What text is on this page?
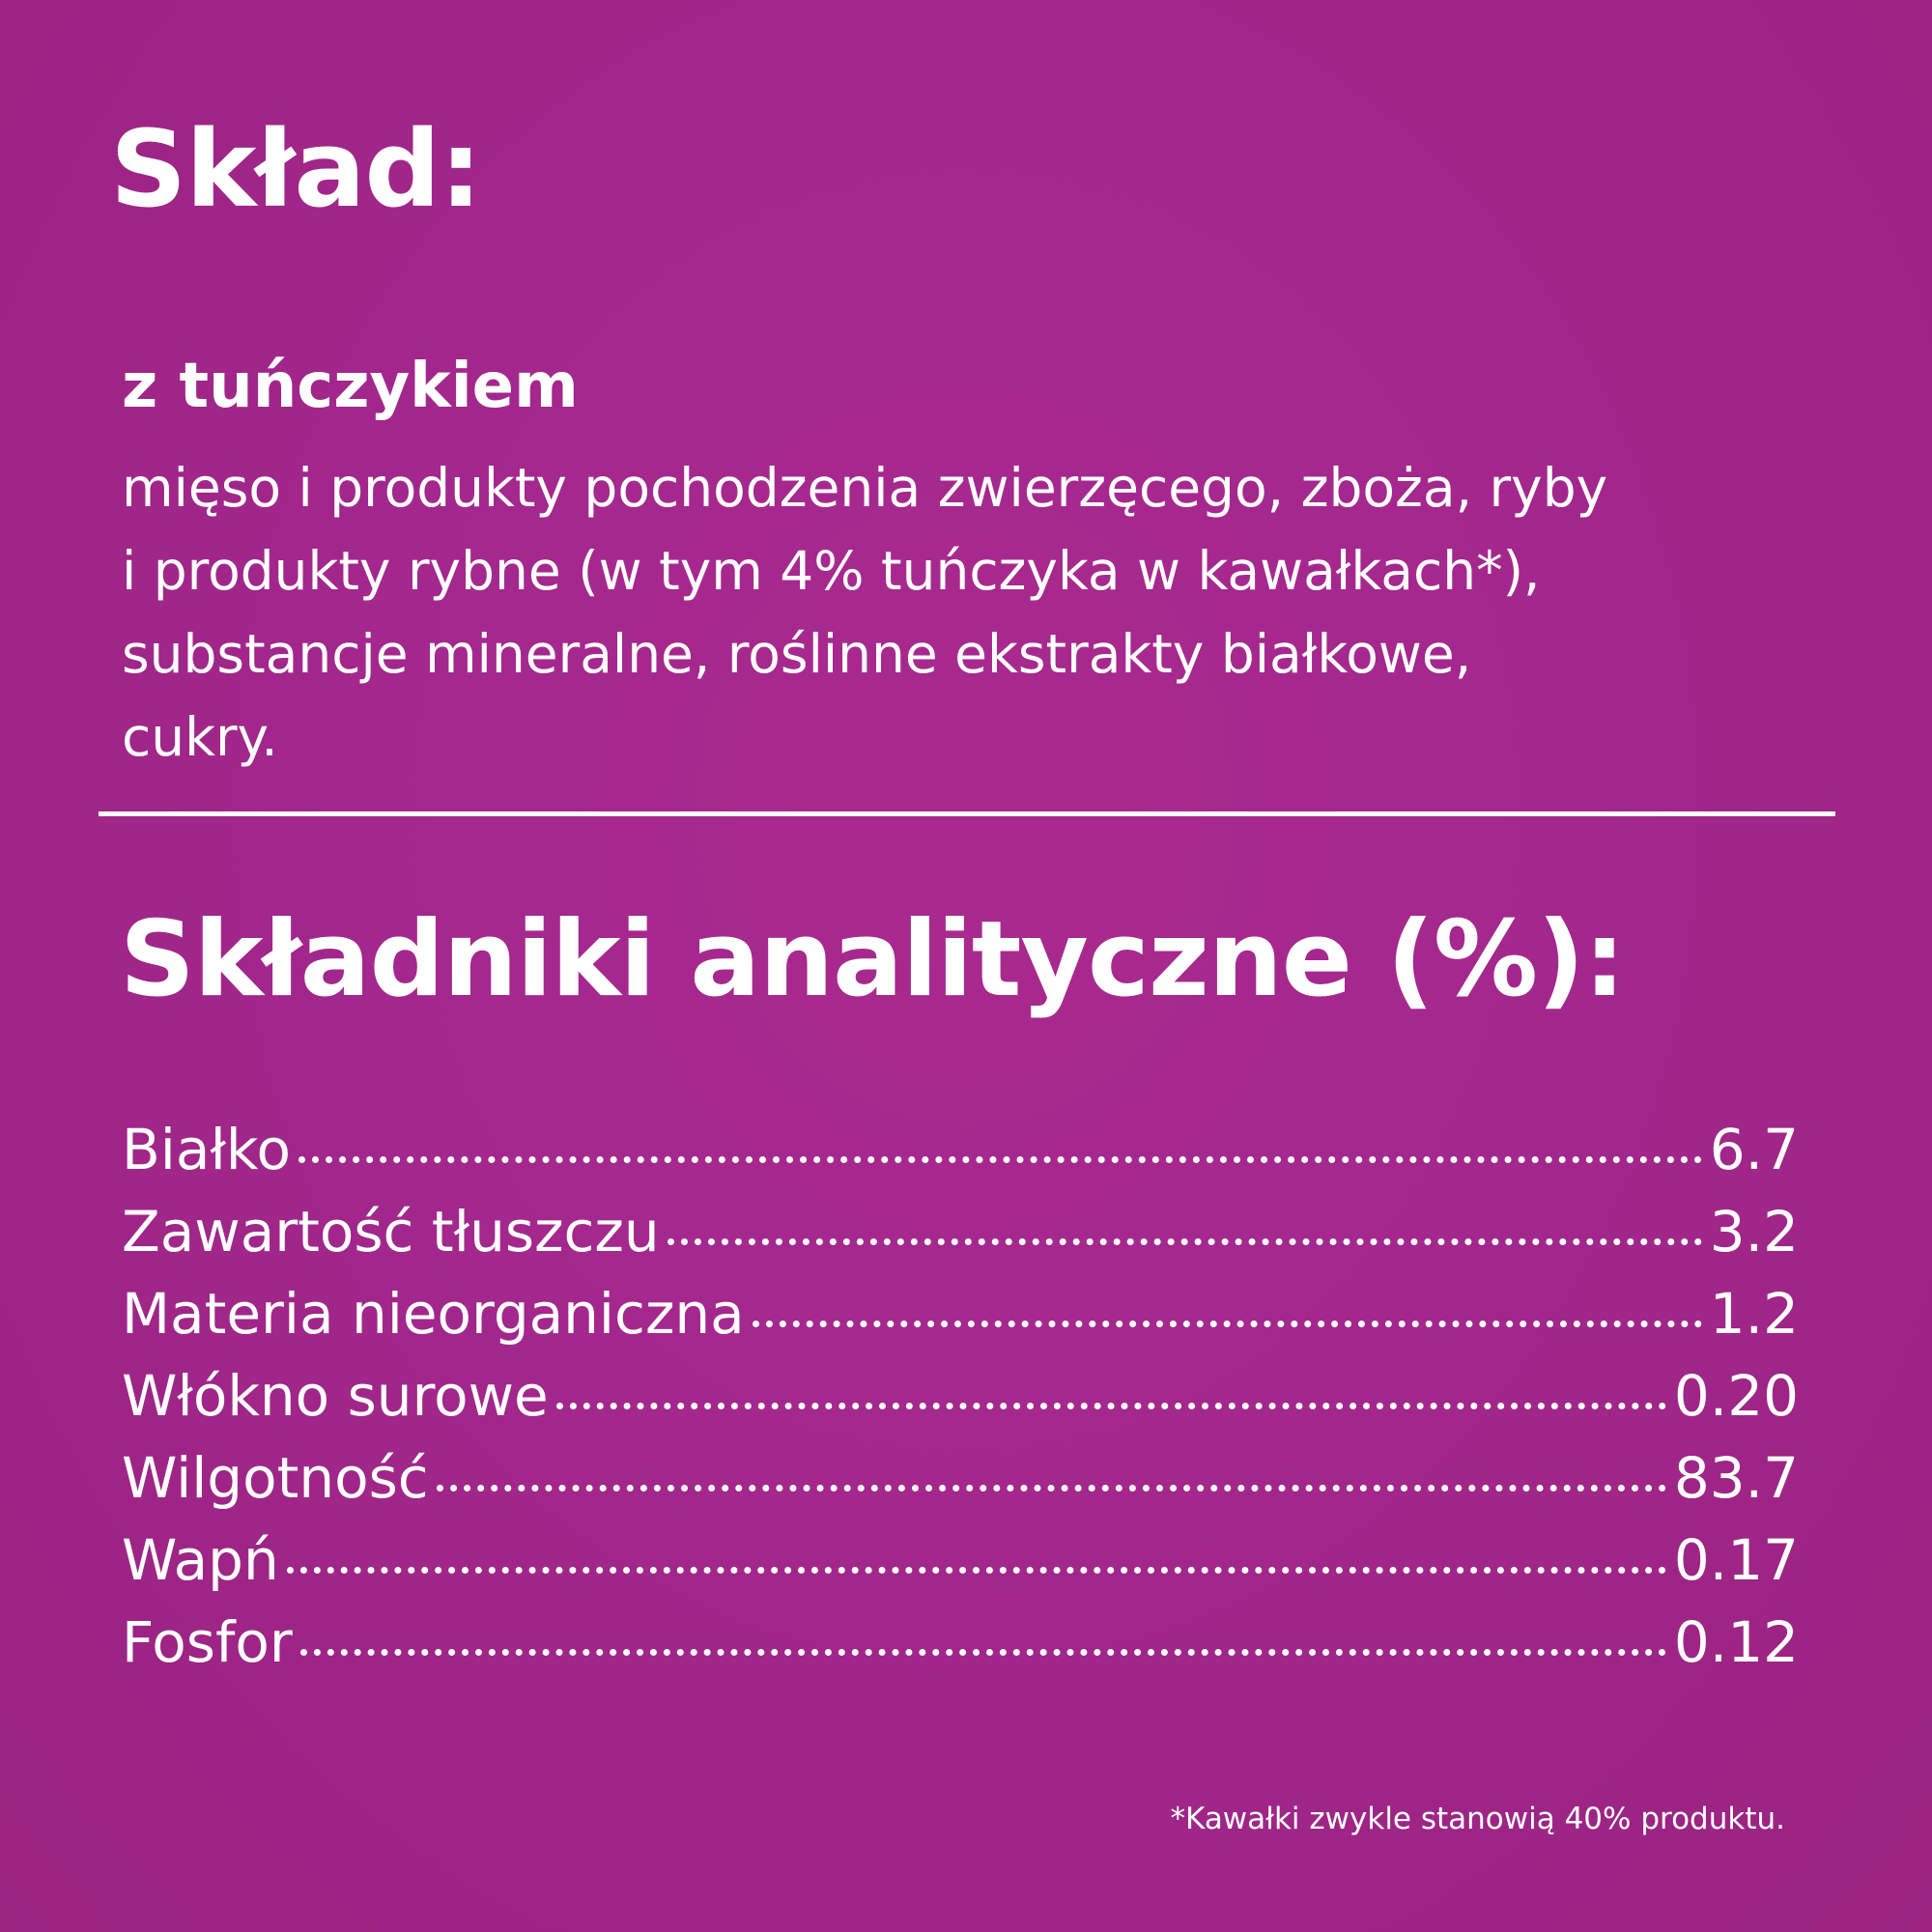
Skład:
z tuńczykiem
mięso i produkty pochodzenia zwierzęcego, zboża, ryby
i produkty rybne (w tym 4% tuńczyka w kawałkach*),
substancje mineralne, roślinne ekstrakty białkowe,
cukry.
Składniki analityczne (%):
Białko	6.7
Zawartość tłuszczu	3.2
Materia nieorganiczna	1.2
Włókno surowe	0.20
Wilgotność	83.7
Wapń	0.17
Fosfor	0.12
*Kawałki zwykle stanowią 40% produktu.
